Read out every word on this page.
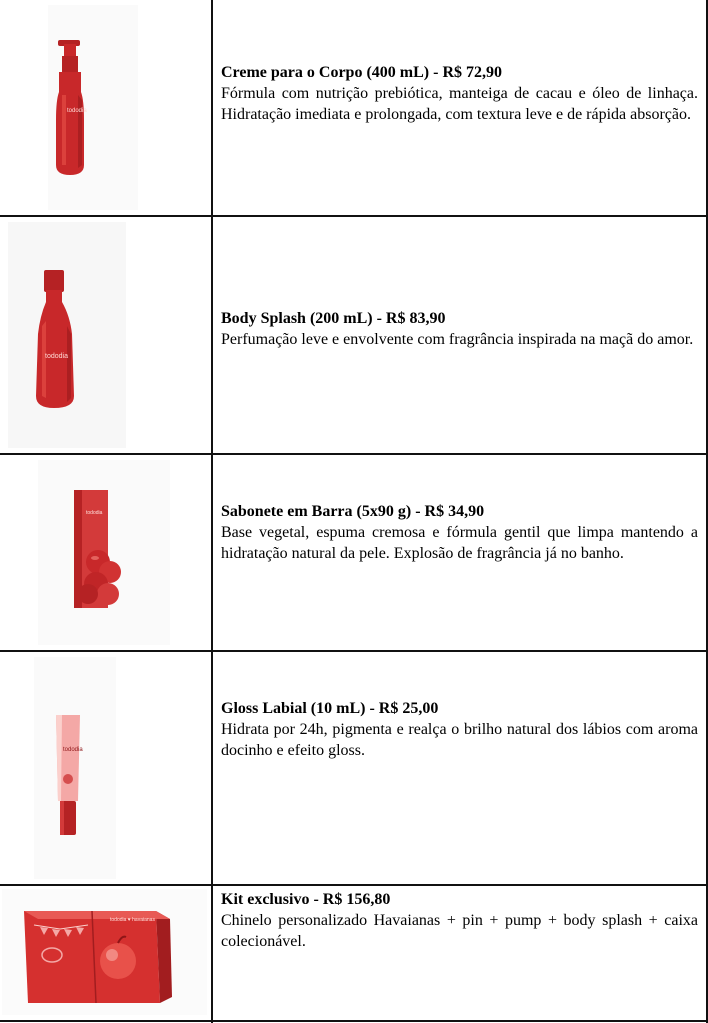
tododia
Creme para o Corpo (400 mL) - R$ 72,90
Fórmula com nutrição prebiótica, manteiga de cacau e óleo de linhaça. Hidratação imediata e prolongada, com textura leve e de rápida absorção.
tododia
Body Splash (200 mL) - R$ 83,90
Perfumação leve e envolvente com fragrância inspirada na maçã do amor.
tododia	Sabonete em Barra (5x90 g) - R$ 34,90
Base vegetal, espuma cremosa e fórmula gentil que limpa mantendo a hidratação natural da pele. Explosão de fragrância já no banho.
tododia
Gloss Labial (10 mL) - R$ 25,00
Hidrata por 24h, pigmenta e realça o brilho natural dos lábios com aroma docinho e efeito gloss.
tododia ♥ havaianas
Kit exclusivo - R$ 156,80
Chinelo personalizado Havaianas + pin + pump + body splash + caixa colecionável.
